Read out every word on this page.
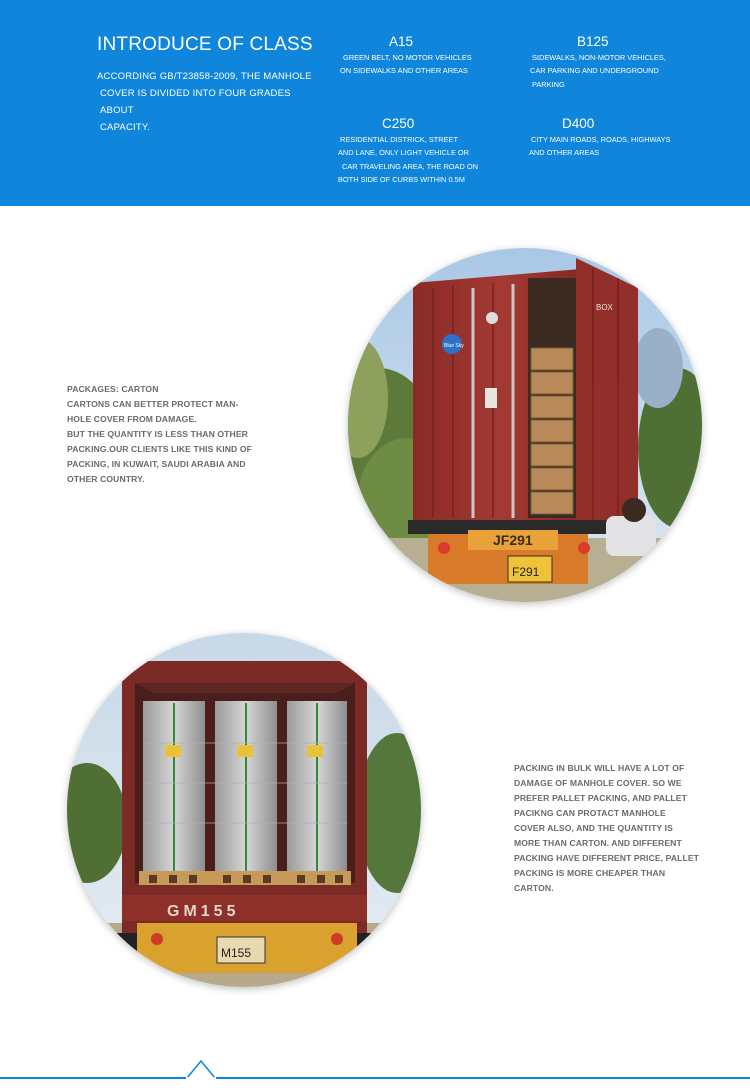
INTRODUCE OF CLASS
ACCORDING GB/T23858-2009, THE MANHOLE
COVER IS DIVIDED INTO FOUR GRADES ABOUT
CAPACITY.
A15
GREEN BELT, NO MOTOR VEHICLES
ON SIDEWALKS AND OTHER AREAS
B125
SIDEWALKS, NON-MOTOR VEHICLES,
CAR PARKING AND UNDERGROUND
PARKING
C250
RESIDENTIAL DISTRICK, STREET
AND LANE, ONLY LIGHT VEHICLE OR
CAR TRAVELING AREA, THE ROAD ON
BOTH SIDE OF CURBS WITHIN 0.5M
D400
CITY MAIN ROADS, ROADS, HIGHWAYS
AND OTHER AREAS
PACKAGES: CARTON
CARTONS CAN BETTER PROTECT MAN-
HOLE COVER FROM DAMAGE.
BUT THE QUANTITY IS LESS THAN OTHER
PACKING.OUR CLIENTS LIKE THIS KIND OF
PACKING, IN KUWAIT, SAUDI ARABIA AND
OTHER COUNTRY.
BOX
Blue Sky
JF291
F291
GM155
M155
PACKING IN BULK WILL HAVE A LOT OF
DAMAGE OF MANHOLE COVER. SO WE
PREFER PALLET PACKING, AND PALLET
PACIKNG CAN PROTACT MANHOLE
COVER ALSO, AND THE QUANTITY IS
MORE THAN CARTON. AND DIFFERENT
PACKING HAVE DIFFERENT PRICE, PALLET
PACKING IS MORE CHEAPER THAN
CARTON.
